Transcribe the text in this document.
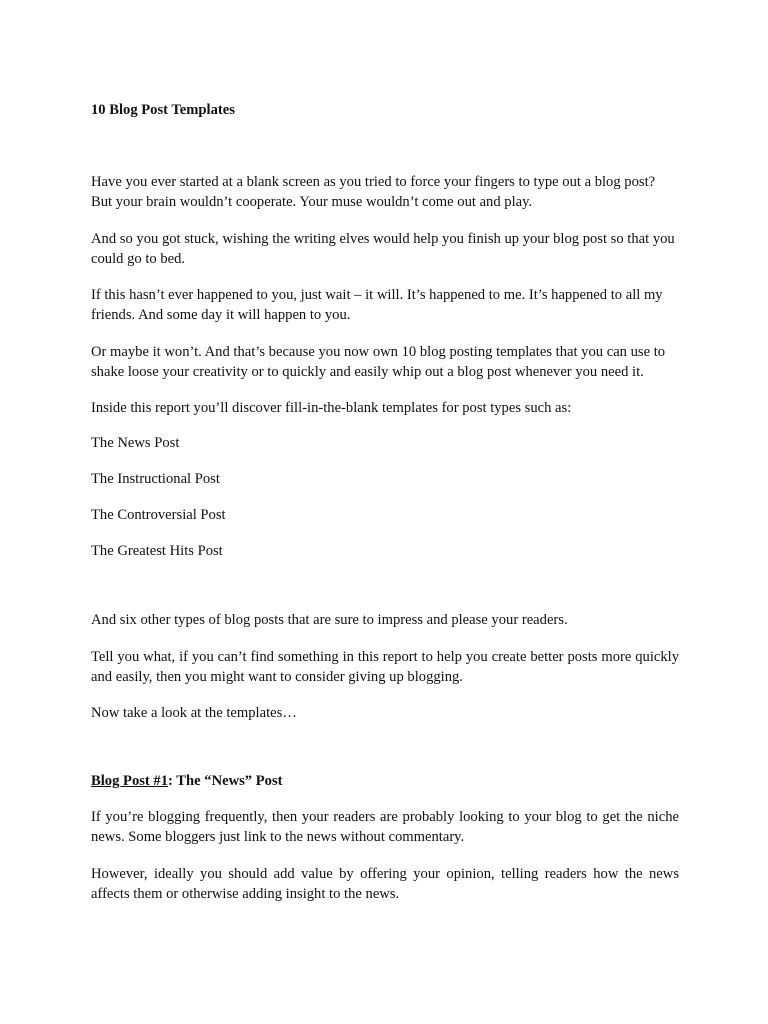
10 Blog Post Templates

Have you ever started at a blank screen as you tried to force your fingers to type out a blog post? But your brain wouldn’t cooperate. Your muse wouldn’t come out and play.

And so you got stuck, wishing the writing elves would help you finish up your blog post so that you could go to bed.

If this hasn’t ever happened to you, just wait – it will. It’s happened to me. It’s happened to all my friends. And some day it will happen to you.

Or maybe it won’t. And that’s because you now own 10 blog posting templates that you can use to shake loose your creativity or to quickly and easily whip out a blog post whenever you need it.

Inside this report you’ll discover fill-in-the-blank templates for post types such as:

The News Post

The Instructional Post

The Controversial Post

The Greatest Hits Post

And six other types of blog posts that are sure to impress and please your readers.

Tell you what, if you can’t find something in this report to help you create better posts more quickly and easily, then you might want to consider giving up blogging.

Now take a look at the templates…

Blog Post #1: The “News” Post

If you’re blogging frequently, then your readers are probably looking to your blog to get the niche news. Some bloggers just link to the news without commentary.

However, ideally you should add value by offering your opinion, telling readers how the news affects them or otherwise adding insight to the news.
